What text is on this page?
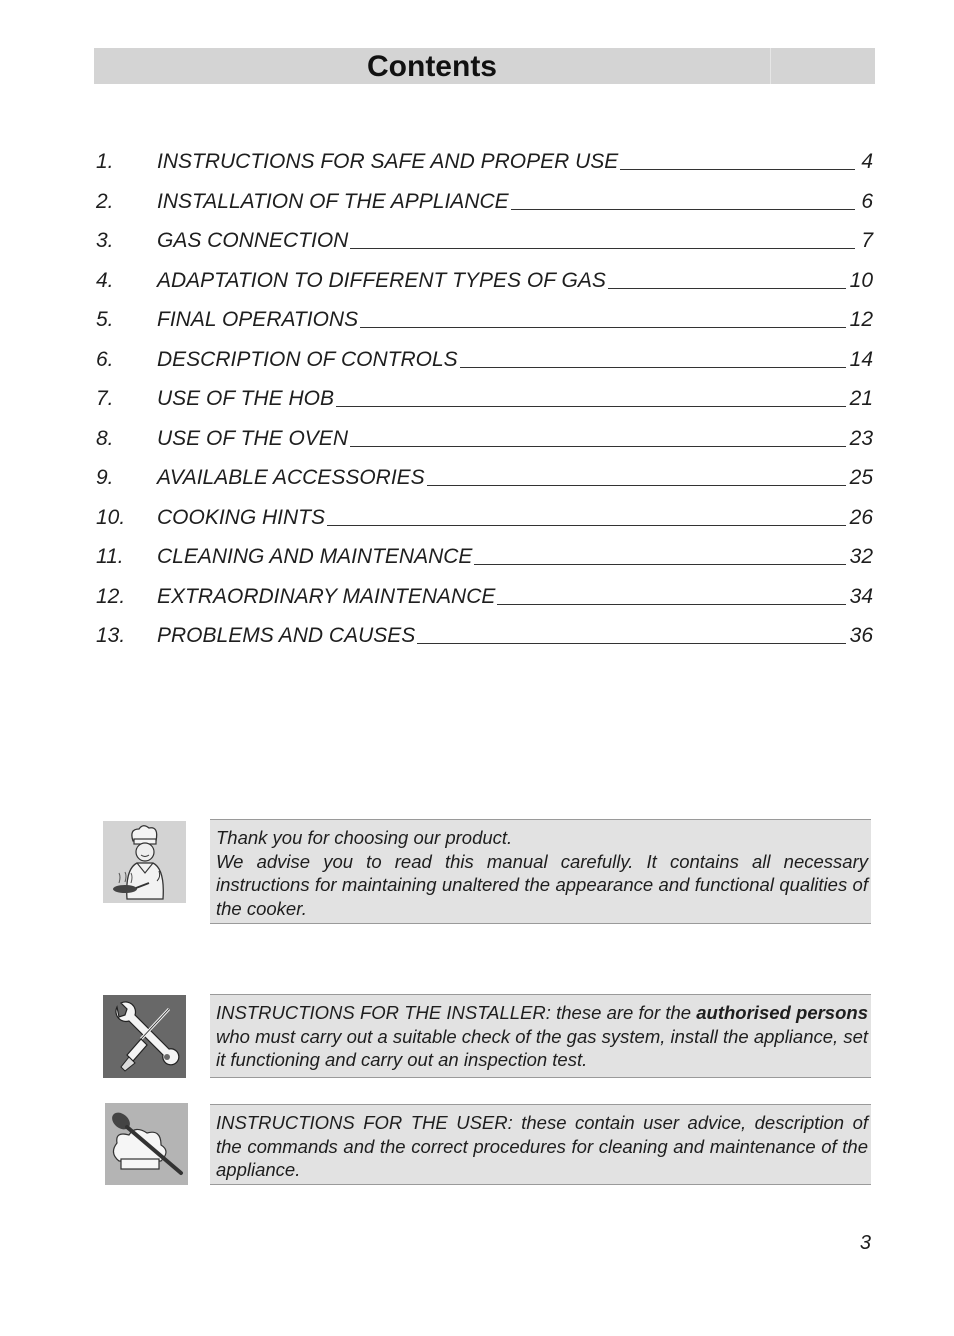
Contents
1.	INSTRUCTIONS FOR SAFE AND PROPER USE	4
2.	INSTALLATION OF THE APPLIANCE	6
3.	GAS CONNECTION	7
4.	ADAPTATION TO DIFFERENT TYPES OF GAS	10
5.	FINAL OPERATIONS	12
6.	DESCRIPTION OF CONTROLS	14
7.	USE OF THE HOB	21
8.	USE OF THE OVEN	23
9.	AVAILABLE ACCESSORIES	25
10.	COOKING HINTS	26
11.	CLEANING AND MAINTENANCE	32
12.	EXTRAORDINARY MAINTENANCE	34
13.	PROBLEMS AND CAUSES	36

Thank you for choosing our product.

We advise you to read this manual carefully. It contains all necessary instructions for maintaining unaltered the appearance and functional qualities of the cooker.

INSTRUCTIONS FOR THE INSTALLER: these are for the authorised persons who must carry out a suitable check of the gas system, install the appliance, set it functioning and carry out an inspection test.

INSTRUCTIONS FOR THE USER: these contain user advice, description of the commands and the correct procedures for cleaning and maintenance of the appliance.

3
